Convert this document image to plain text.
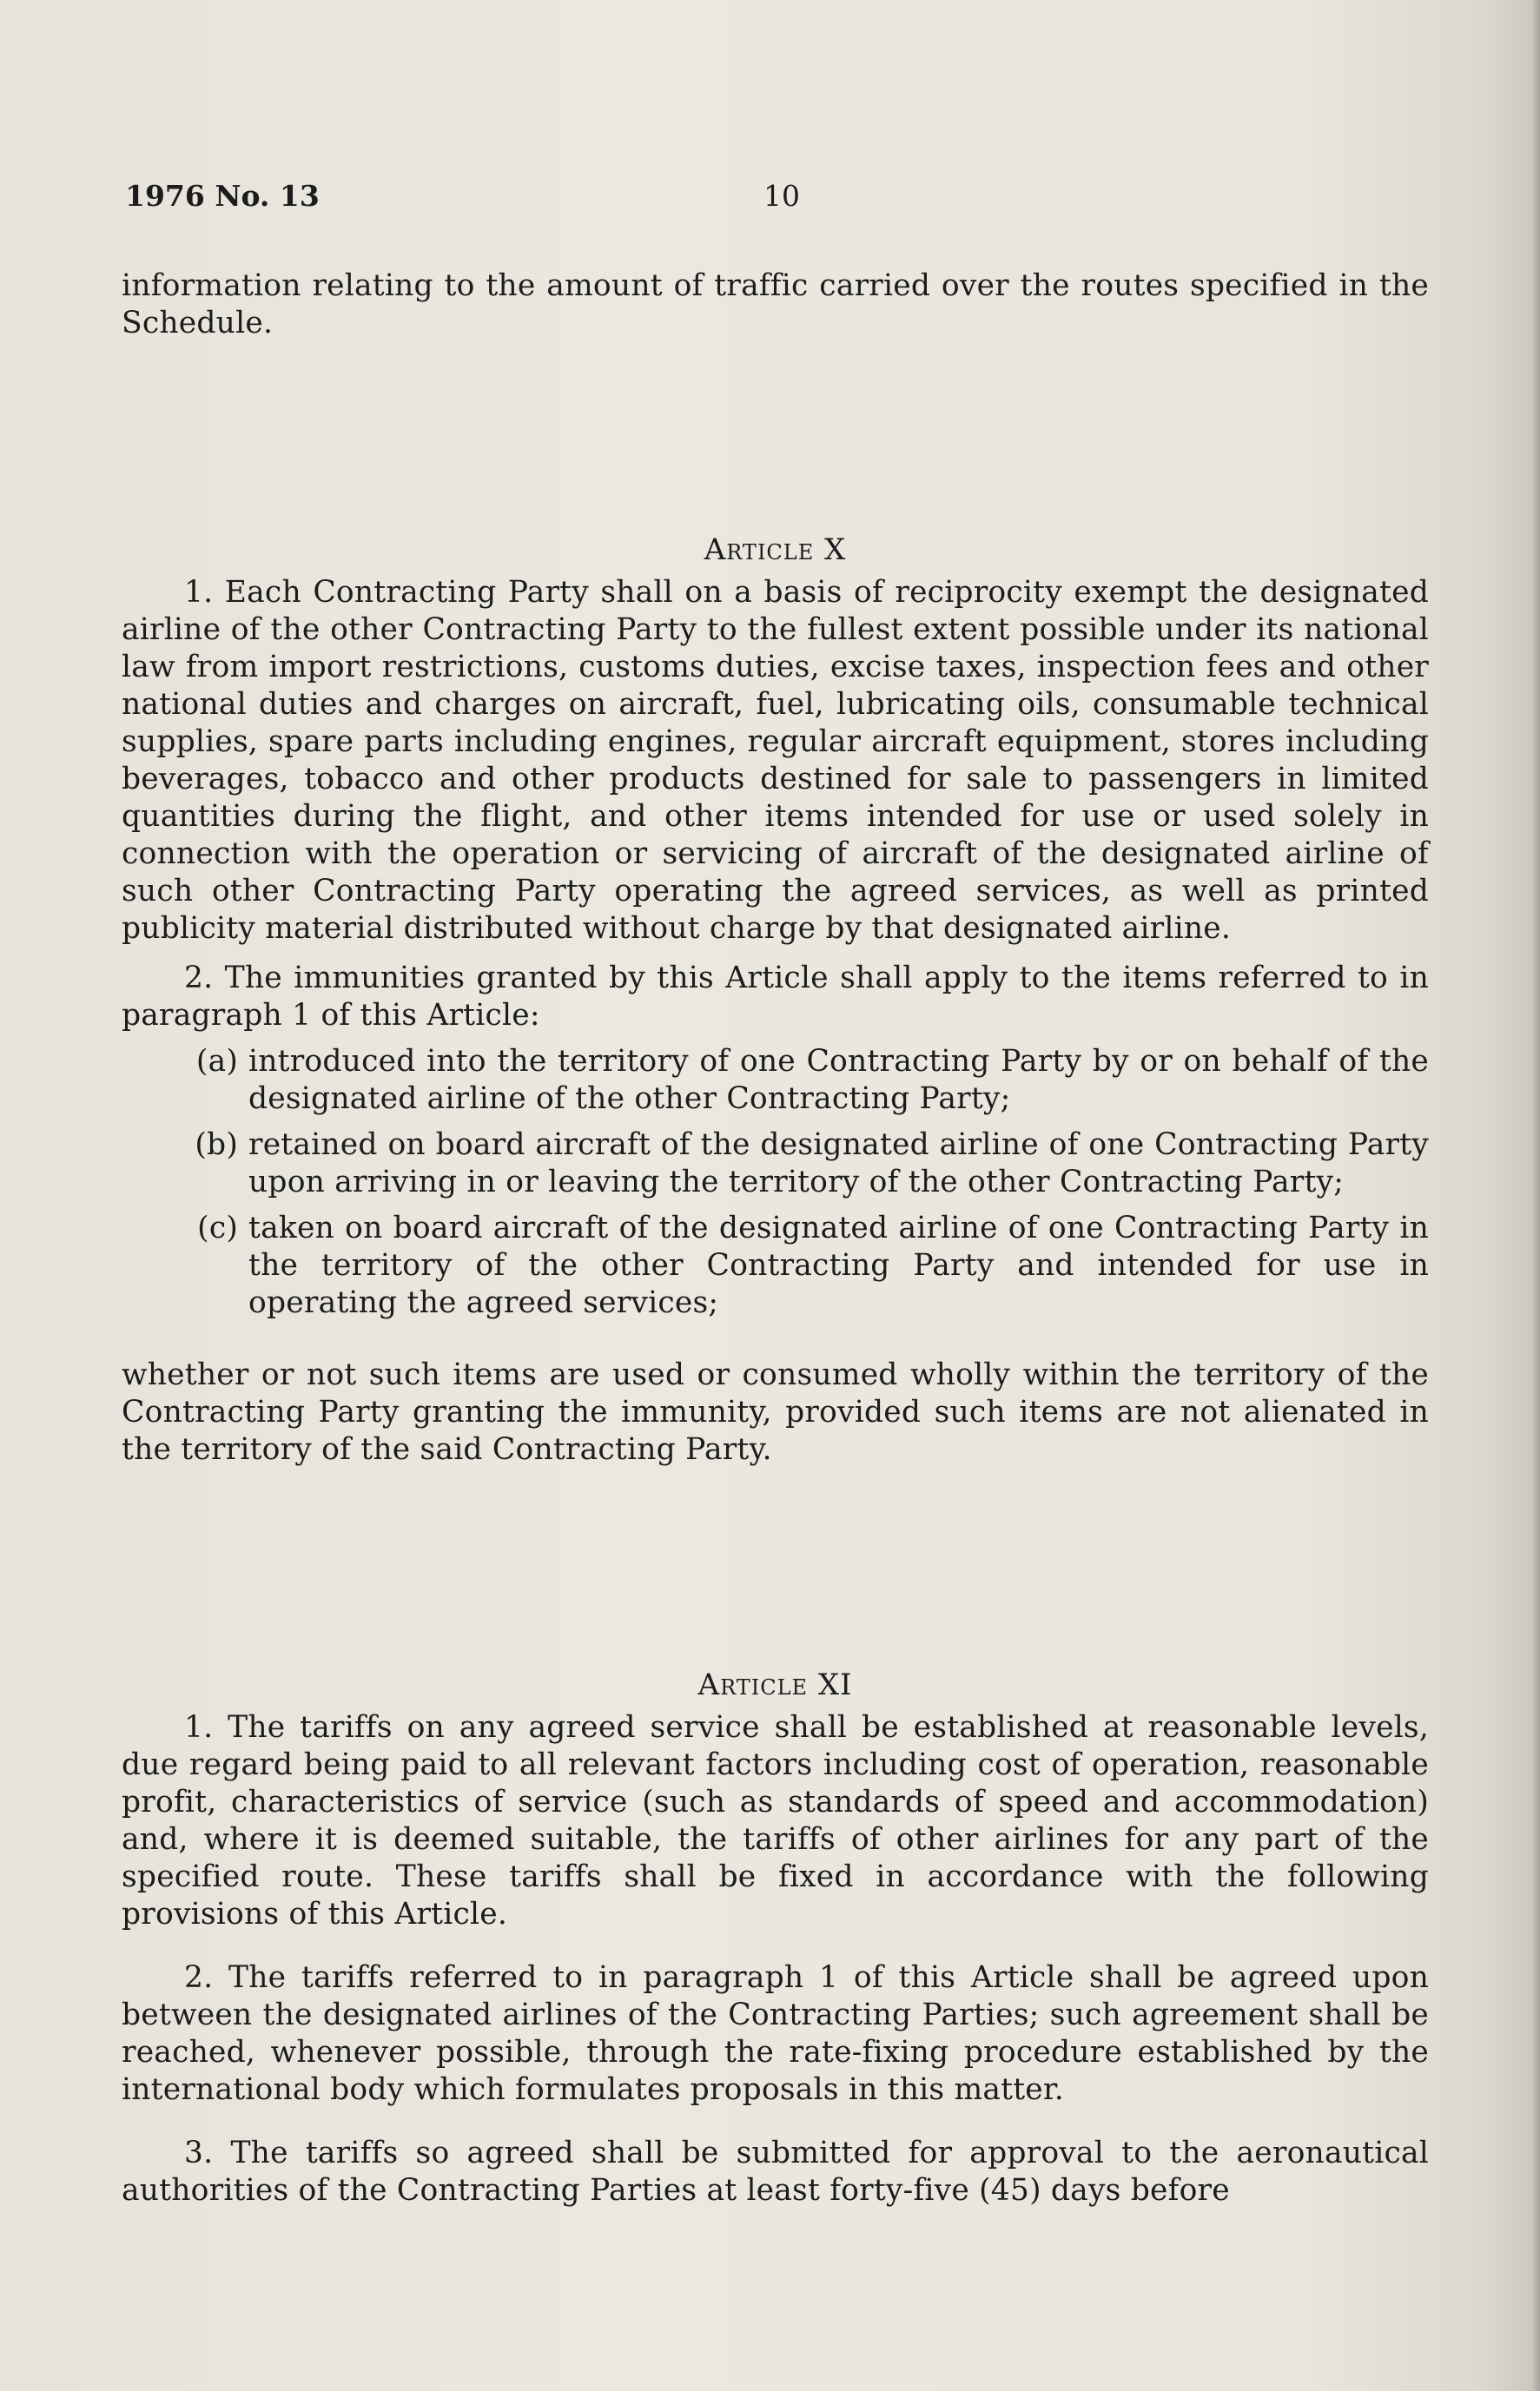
1976 No. 13	10

information relating to the amount of traffic carried over the routes specified in the Schedule.

Article X

1. Each Contracting Party shall on a basis of reciprocity exempt the designated airline of the other Contracting Party to the fullest extent possible under its national law from import restrictions, customs duties, excise taxes, inspection fees and other national duties and charges on aircraft, fuel, lubricating oils, consumable technical supplies, spare parts including engines, regular aircraft equipment, stores including beverages, tobacco and other products destined for sale to passengers in limited quantities during the flight, and other items intended for use or used solely in connection with the operation or servicing of aircraft of the designated airline of such other Contracting Party operating the agreed services, as well as printed publicity material distributed without charge by that designated airline.

2. The immunities granted by this Article shall apply to the items referred to in paragraph 1 of this Article:

(a) introduced into the territory of one Contracting Party by or on behalf of the designated airline of the other Contracting Party;
(b) retained on board aircraft of the designated airline of one Contracting Party upon arriving in or leaving the territory of the other Contracting Party;
(c) taken on board aircraft of the designated airline of one Contracting Party in the territory of the other Contracting Party and intended for use in operating the agreed services;

whether or not such items are used or consumed wholly within the territory of the Contracting Party granting the immunity, provided such items are not alienated in the territory of the said Contracting Party.

Article XI

1. The tariffs on any agreed service shall be established at reasonable levels, due regard being paid to all relevant factors including cost of operation, reasonable profit, characteristics of service (such as standards of speed and accommodation) and, where it is deemed suitable, the tariffs of other airlines for any part of the specified route. These tariffs shall be fixed in accordance with the following provisions of this Article.

2. The tariffs referred to in paragraph 1 of this Article shall be agreed upon between the designated airlines of the Contracting Parties; such agreement shall be reached, whenever possible, through the rate-fixing procedure established by the international body which formulates proposals in this matter.

3. The tariffs so agreed shall be submitted for approval to the aeronautical authorities of the Contracting Parties at least forty-five (45) days before
